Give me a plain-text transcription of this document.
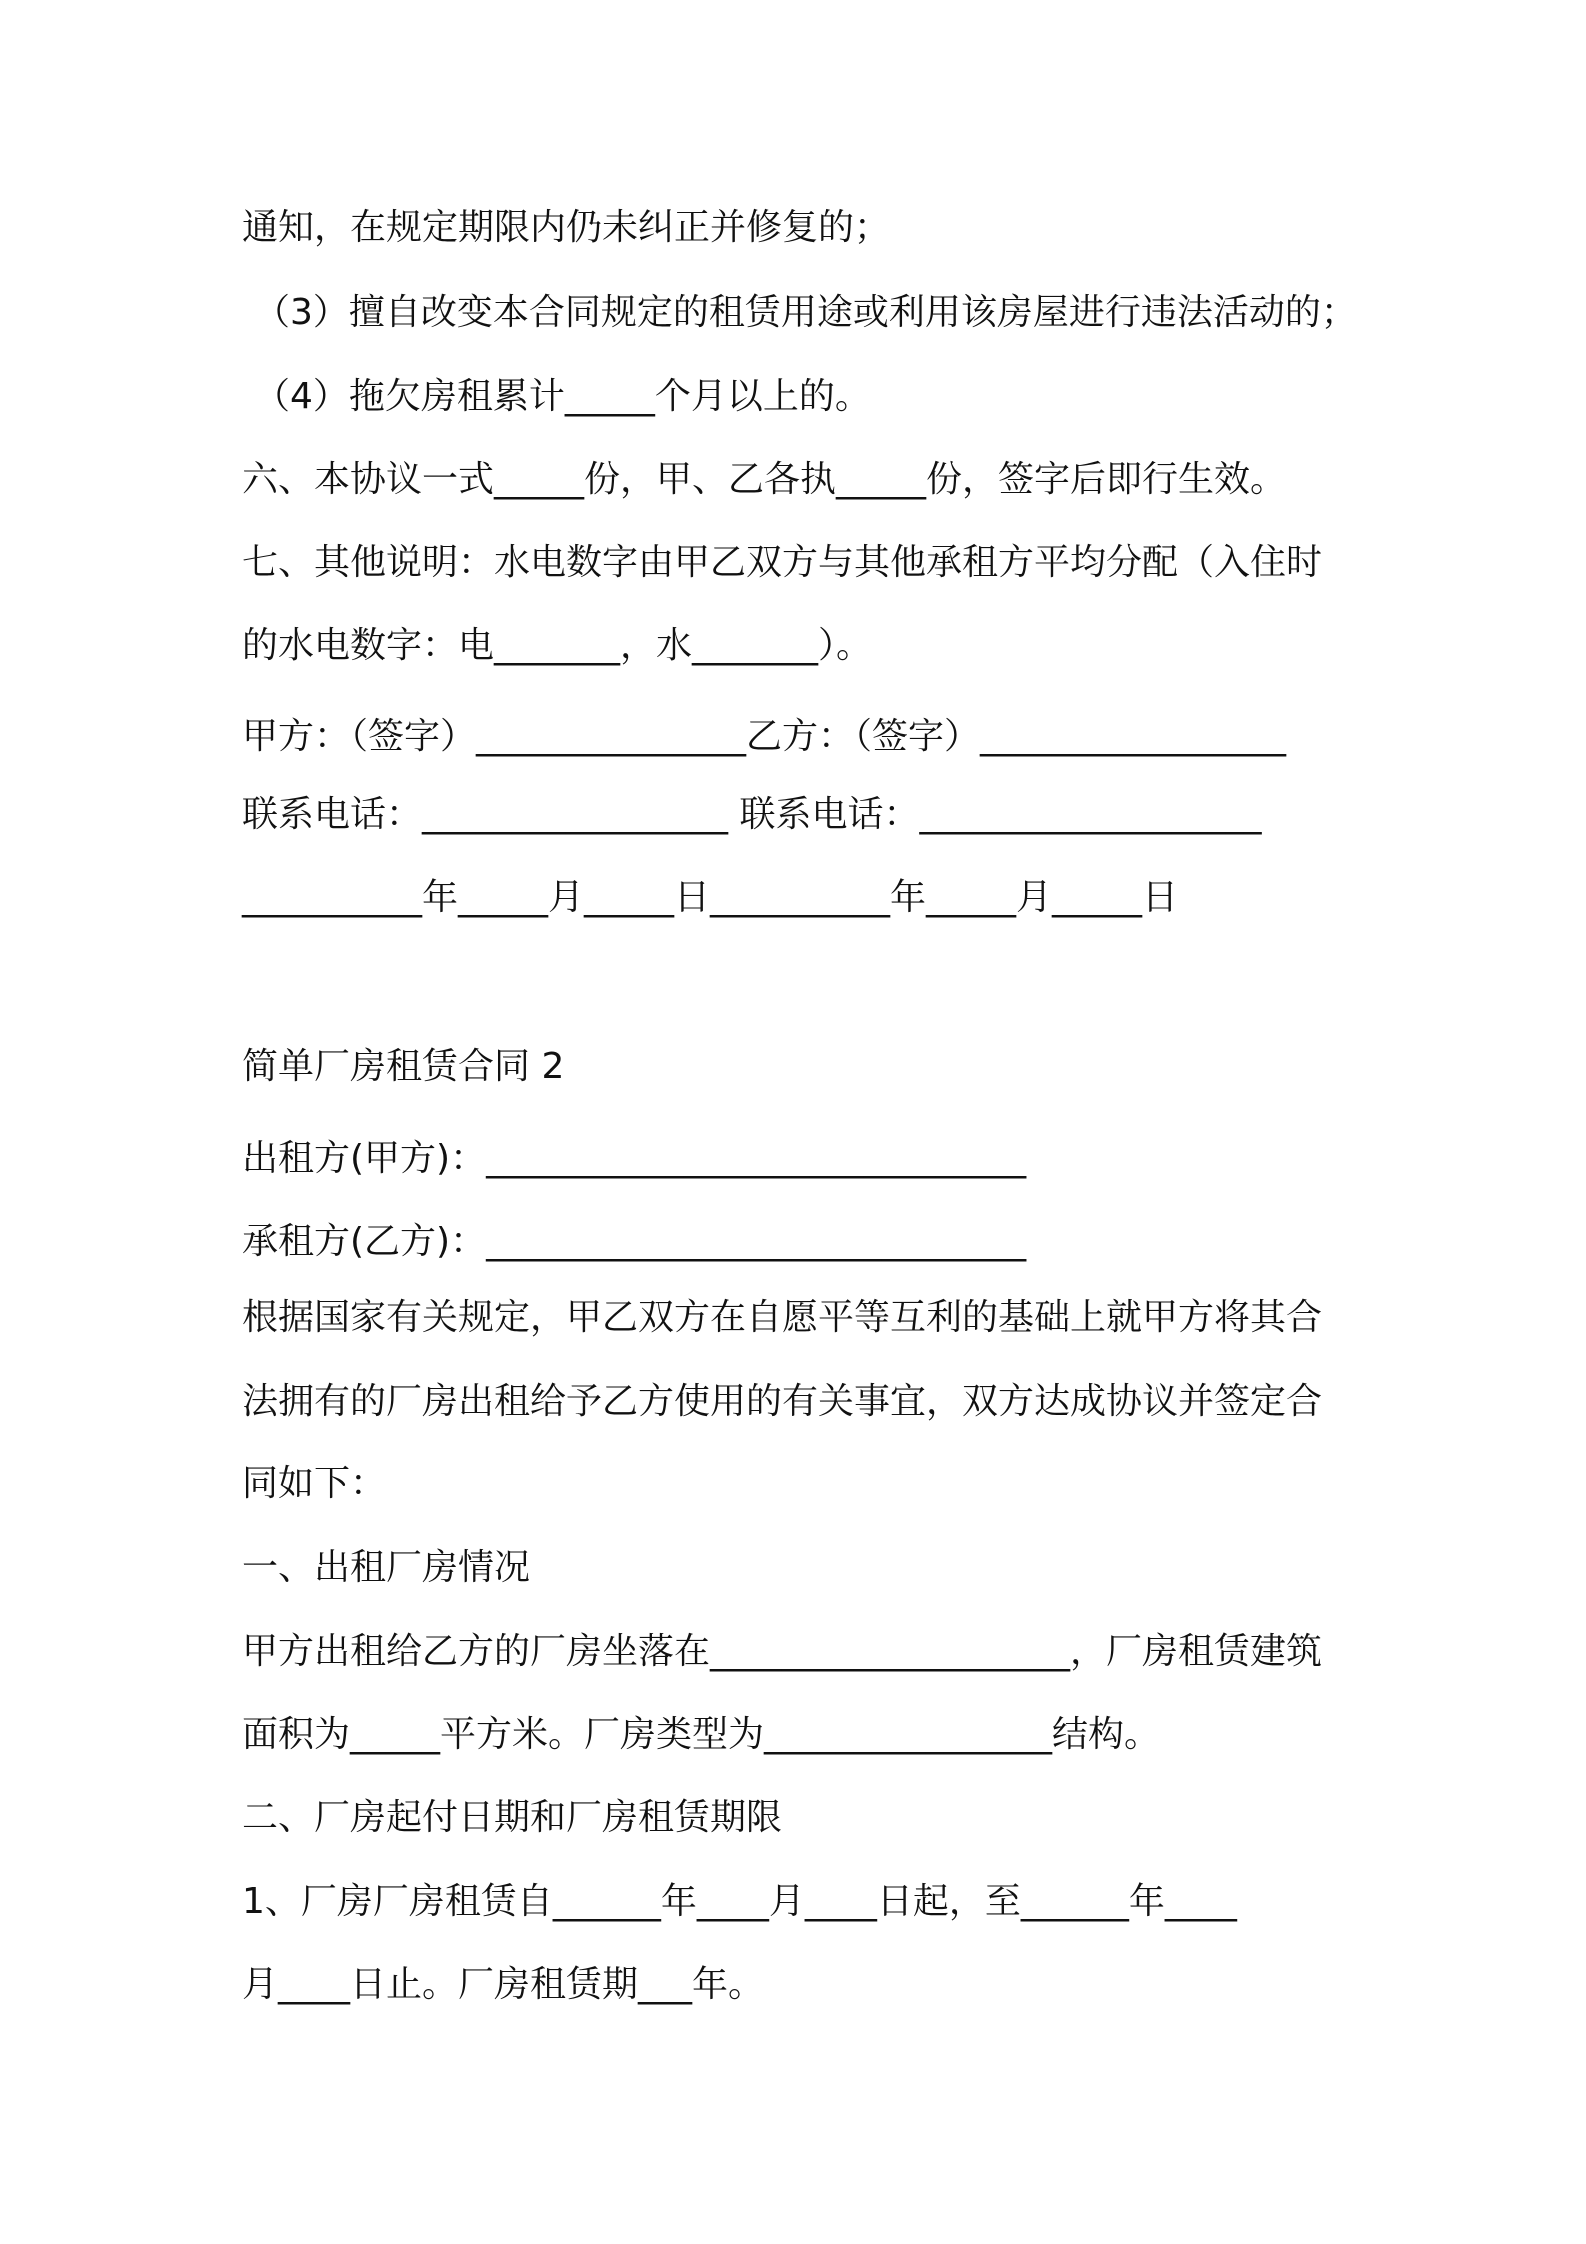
通知，在规定期限内仍未纠正并修复的；
（3）擅自改变本合同规定的租赁用途或利用该房屋进行违法活动的；
（4）拖欠房租累计_____个月以上的。
六、本协议一式_____份，甲、乙各执_____份，签字后即行生效。
七、其他说明：水电数字由甲乙双方与其他承租方平均分配（入住时
的水电数字：电_______，水_______）。
甲方：（签字）_______________乙方：（签字）_________________
联系电话：_________________ 联系电话：___________________
__________年_____月_____日__________年_____月_____日
简单厂房租赁合同 2
出租方(甲方)：______________________________
承租方(乙方)：______________________________
根据国家有关规定，甲乙双方在自愿平等互利的基础上就甲方将其合
法拥有的厂房出租给予乙方使用的有关事宜，双方达成协议并签定合
同如下：
一、出租厂房情况
甲方出租给乙方的厂房坐落在____________________，厂房租赁建筑
面积为_____平方米。厂房类型为________________结构。
二、厂房起付日期和厂房租赁期限
1、厂房厂房租赁自______年____月____日起，至______年____
月____日止。厂房租赁期___年。
